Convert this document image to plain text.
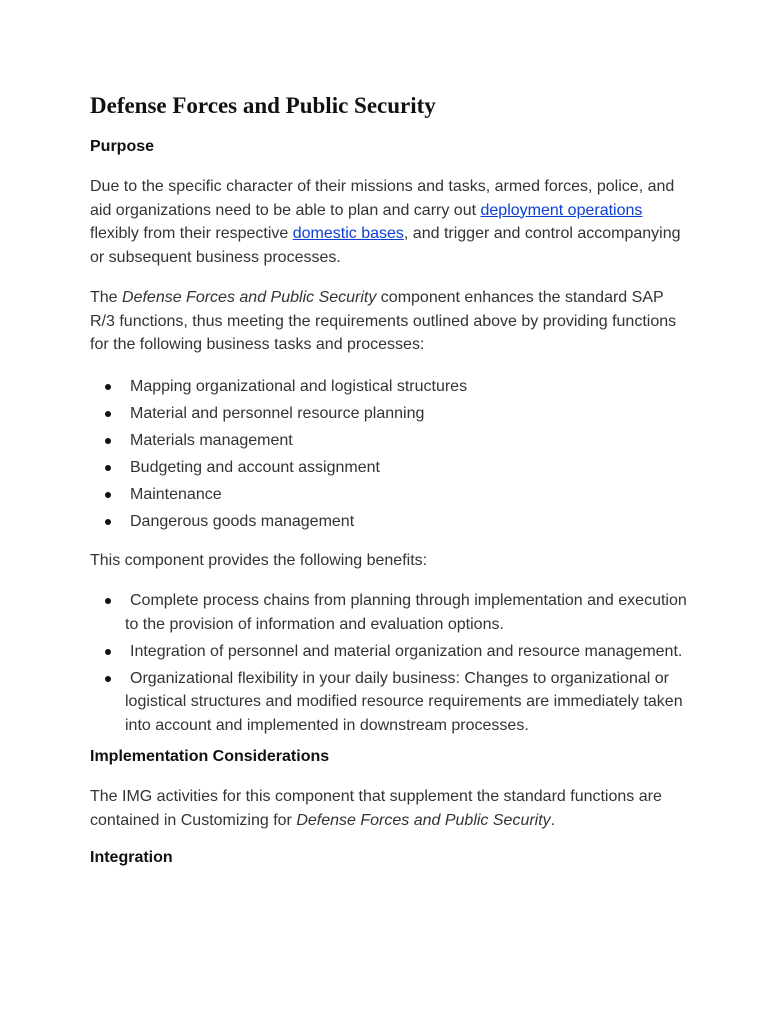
Defense Forces and Public Security
Purpose

Due to the specific character of their missions and tasks, armed forces, police, and aid organizations need to be able to plan and carry out deployment operations flexibly from their respective domestic bases, and trigger and control accompanying or subsequent business processes.

The Defense Forces and Public Security component enhances the standard SAP R/3 functions, thus meeting the requirements outlined above by providing functions for the following business tasks and processes:

Mapping organizational and logistical structures
Material and personnel resource planning
Materials management
Budgeting and account assignment
Maintenance
Dangerous goods management

This component provides the following benefits:

Complete process chains from planning through implementation and execution to the provision of information and evaluation options.
Integration of personnel and material organization and resource management.
Organizational flexibility in your daily business: Changes to organizational or logistical structures and modified resource requirements are immediately taken into account and implemented in downstream processes.
Implementation Considerations

The IMG activities for this component that supplement the standard functions are contained in Customizing for Defense Forces and Public Security.

Integration
